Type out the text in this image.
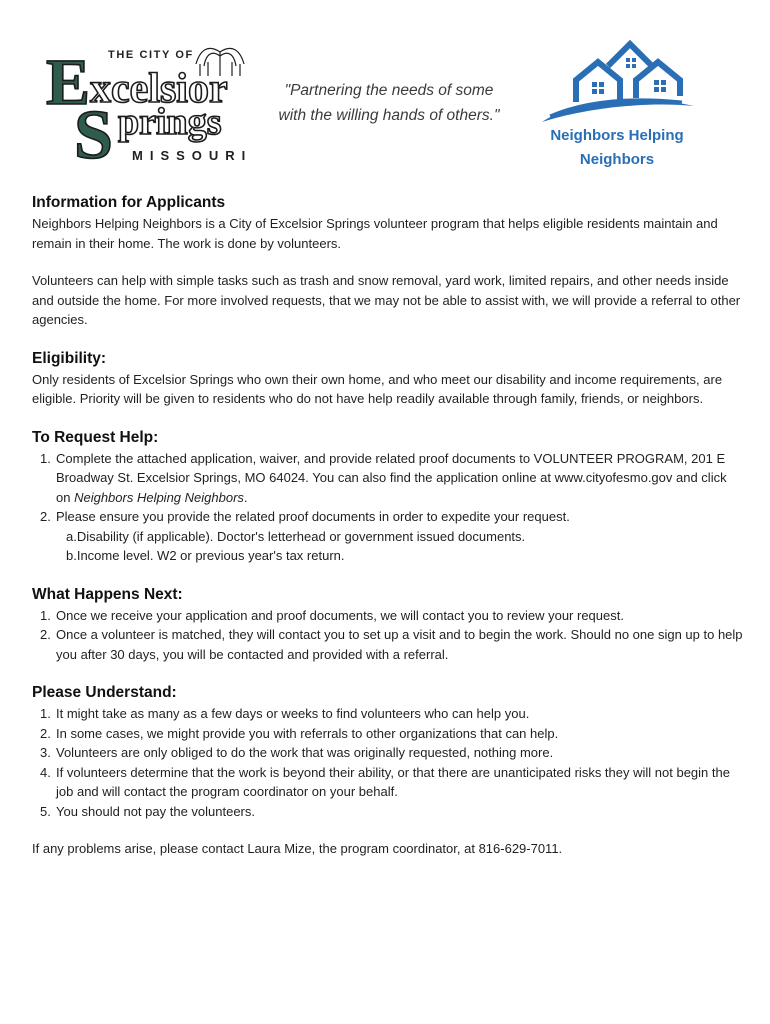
THE CITY OF
E xcelsior
S prings
MISSOURI
"Partnering the needs of some with the willing hands of others."
Neighbors Helping
Neighbors
Information for Applicants

Neighbors Helping Neighbors is a City of Excelsior Springs volunteer program that helps eligible residents maintain and remain in their home. The work is done by volunteers.

Volunteers can help with simple tasks such as trash and snow removal, yard work, limited repairs, and other needs inside and outside the home. For more involved requests, that we may not be able to assist with, we will provide a referral to other agencies.

Eligibility:

Only residents of Excelsior Springs who own their own home, and who meet our disability and income requirements, are eligible. Priority will be given to residents who do not have help readily available through family, friends, or neighbors.

To Request Help:
1. Complete the attached application, waiver, and provide related proof documents to VOLUNTEER PROGRAM, 201 E Broadway St. Excelsior Springs, MO 64024. You can also find the application online at www.cityofesmo.gov and click on Neighbors Helping Neighbors.
2. Please ensure you provide the related proof documents in order to expedite your request.
a.Disability (if applicable). Doctor's letterhead or government issued documents.
b.Income level. W2 or previous year's tax return.
What Happens Next:
1. Once we receive your application and proof documents, we will contact you to review your request.
2. Once a volunteer is matched, they will contact you to set up a visit and to begin the work. Should no one sign up to help you after 30 days, you will be contacted and provided with a referral.
Please Understand:
1. It might take as many as a few days or weeks to find volunteers who can help you.
2. In some cases, we might provide you with referrals to other organizations that can help.
3. Volunteers are only obliged to do the work that was originally requested, nothing more.
4. If volunteers determine that the work is beyond their ability, or that there are unanticipated risks they will not begin the job and will contact the program coordinator on your behalf.
5. You should not pay the volunteers.

If any problems arise, please contact Laura Mize, the program coordinator, at 816-629-7011.
